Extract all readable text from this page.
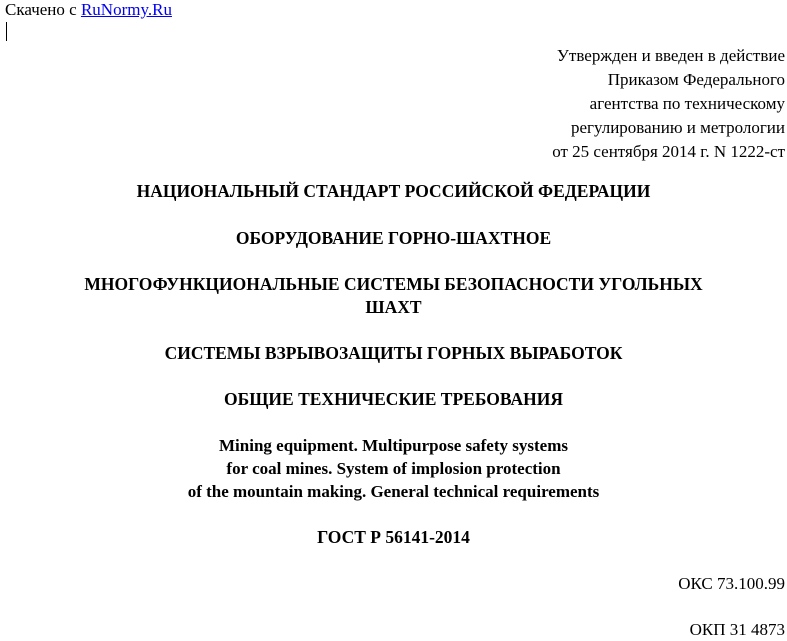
Скачено с RuNormy.Ru
Утвержден и введен в действие
Приказом Федерального
агентства по техническому
регулированию и метрологии
от 25 сентября 2014 г. N 1222-ст
НАЦИОНАЛЬНЫЙ СТАНДАРТ РОССИЙСКОЙ ФЕДЕРАЦИИ
ОБОРУДОВАНИЕ ГОРНО-ШАХТНОЕ
МНОГОФУНКЦИОНАЛЬНЫЕ СИСТЕМЫ БЕЗОПАСНОСТИ УГОЛЬНЫХ
ШАХТ
СИСТЕМЫ ВЗРЫВОЗАЩИТЫ ГОРНЫХ ВЫРАБОТОК
ОБЩИЕ ТЕХНИЧЕСКИЕ ТРЕБОВАНИЯ
Mining equipment. Multipurpose safety systems
for coal mines. System of implosion protection
of the mountain making. General technical requirements
ГОСТ Р 56141-2014
ОКС 73.100.99
ОКП 31 4873
